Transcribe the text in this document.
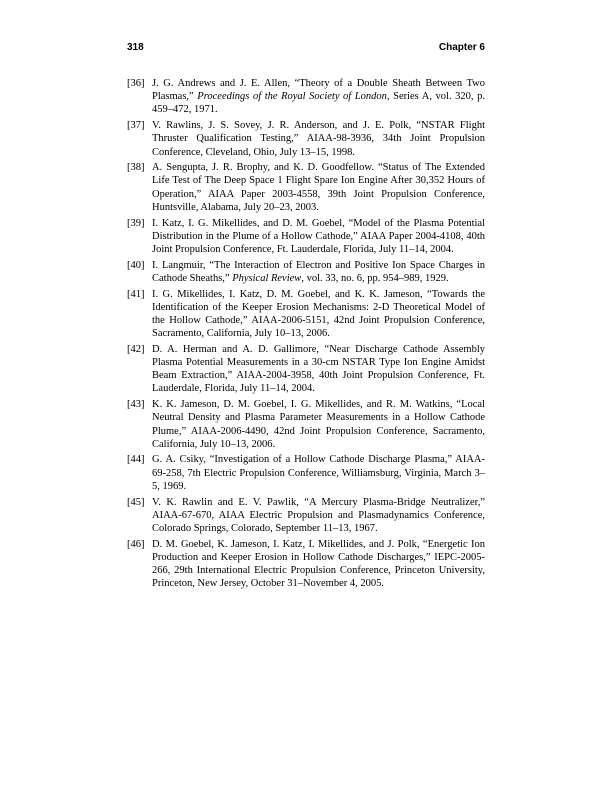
318	Chapter 6
[36] J. G. Andrews and J. E. Allen, “Theory of a Double Sheath Between Two Plasmas,” Proceedings of the Royal Society of London, Series A, vol. 320, p. 459–472, 1971.
[37] V. Rawlins, J. S. Sovey, J. R. Anderson, and J. E. Polk, “NSTAR Flight Thruster Qualification Testing,” AIAA-98-3936, 34th Joint Propulsion Conference, Cleveland, Ohio, July 13–15, 1998.
[38] A. Sengupta, J. R. Brophy, and K. D. Goodfellow. “Status of The Extended Life Test of The Deep Space 1 Flight Spare Ion Engine After 30,352 Hours of Operation,” AIAA Paper 2003-4558, 39th Joint Propulsion Conference, Huntsville, Alabama, July 20–23, 2003.
[39] I. Katz, I. G. Mikellides, and D. M. Goebel, “Model of the Plasma Potential Distribution in the Plume of a Hollow Cathode,” AIAA Paper 2004-4108, 40th Joint Propulsion Conference, Ft. Lauderdale, Florida, July 11–14, 2004.
[40] I. Langmuir, “The Interaction of Electron and Positive Ion Space Charges in Cathode Sheaths,” Physical Review, vol. 33, no. 6, pp. 954–989, 1929.
[41] I. G. Mikellides, I. Katz, D. M. Goebel, and K. K. Jameson, “Towards the Identification of the Keeper Erosion Mechanisms: 2-D Theoretical Model of the Hollow Cathode,” AIAA-2006-5151, 42nd Joint Propulsion Conference, Sacramento, California, July 10–13, 2006.
[42] D. A. Herman and A. D. Gallimore, “Near Discharge Cathode Assembly Plasma Potential Measurements in a 30-cm NSTAR Type Ion Engine Amidst Beam Extraction,” AIAA-2004-3958, 40th Joint Propulsion Conference, Ft. Lauderdale, Florida, July 11–14, 2004.
[43] K. K. Jameson, D. M. Goebel, I. G. Mikellides, and R. M. Watkins, “Local Neutral Density and Plasma Parameter Measurements in a Hollow Cathode Plume,” AIAA-2006-4490, 42nd Joint Propulsion Conference, Sacramento, California, July 10–13, 2006.
[44] G. A. Csiky, “Investigation of a Hollow Cathode Discharge Plasma,” AIAA-69-258, 7th Electric Propulsion Conference, Williamsburg, Virginia, March 3–5, 1969.
[45] V. K. Rawlin and E. V. Pawlik, “A Mercury Plasma-Bridge Neutralizer,” AIAA-67-670, AIAA Electric Propulsion and Plasmadynamics Conference, Colorado Springs, Colorado, September 11–13, 1967.
[46] D. M. Goebel, K. Jameson, I. Katz, I. Mikellides, and J. Polk, “Energetic Ion Production and Keeper Erosion in Hollow Cathode Discharges,” IEPC-2005-266, 29th International Electric Propulsion Conference, Princeton University, Princeton, New Jersey, October 31–November 4, 2005.
